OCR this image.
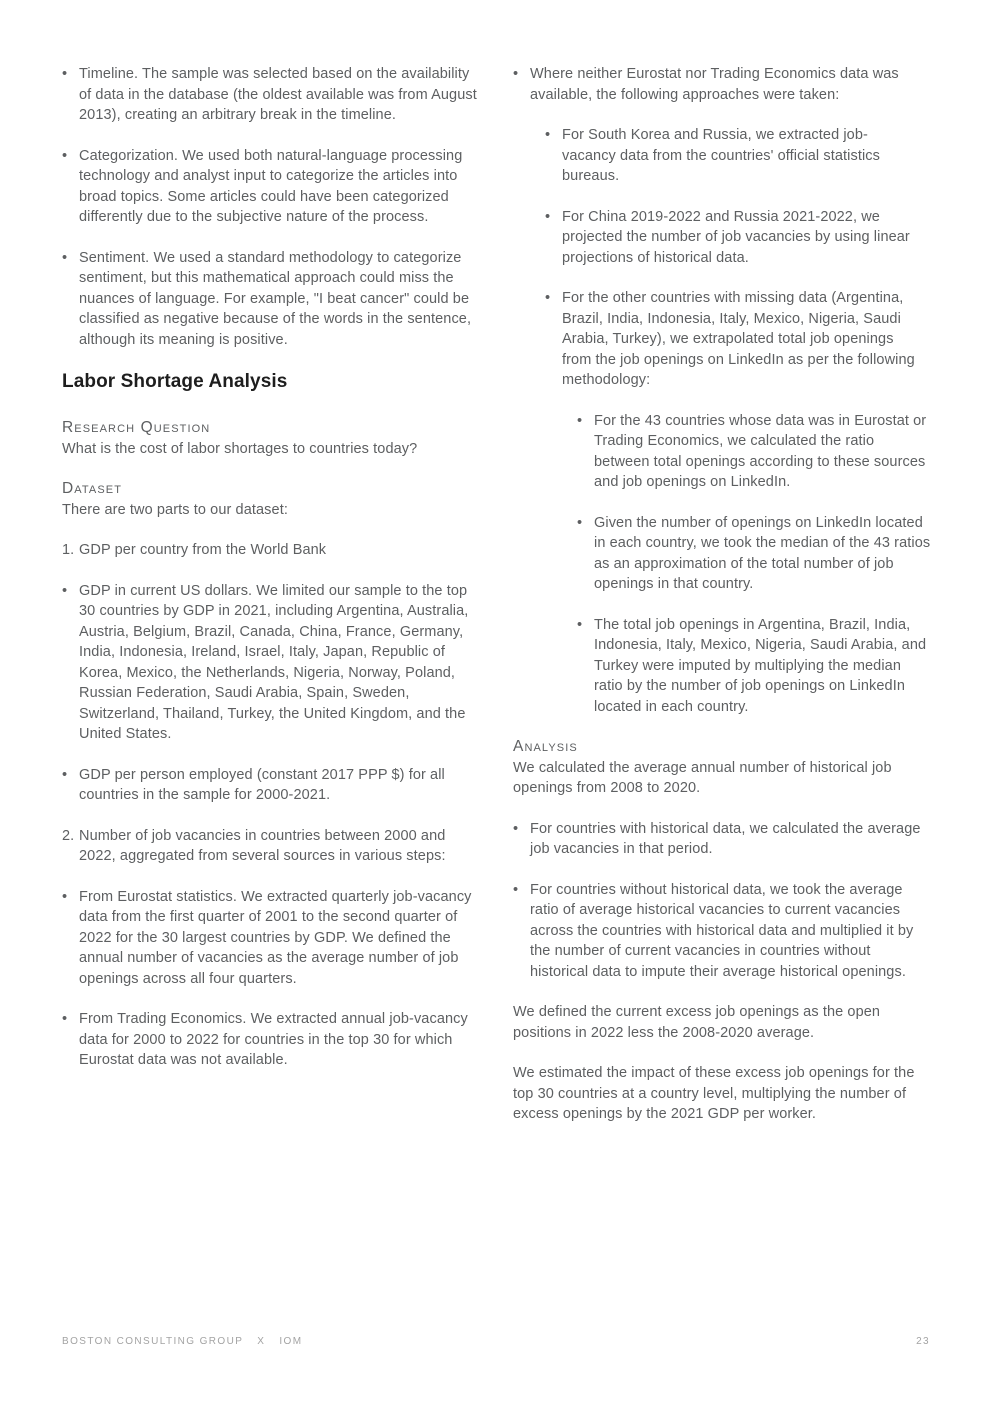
• Timeline. The sample was selected based on the availability of data in the database (the oldest available was from August 2013), creating an arbitrary break in the timeline.
• Categorization. We used both natural-language processing technology and analyst input to categorize the articles into broad topics. Some articles could have been categorized differently due to the subjective nature of the process.
• Sentiment. We used a standard methodology to categorize sentiment, but this mathematical approach could miss the nuances of language. For example, "I beat cancer" could be classified as negative because of the words in the sentence, although its meaning is positive.
Labor Shortage Analysis
Research Question

What is the cost of labor shortages to countries today?

Dataset

There are two parts to our dataset:

1. GDP per country from the World Bank
• GDP in current US dollars. We limited our sample to the top 30 countries by GDP in 2021, including Argentina, Australia, Austria, Belgium, Brazil, Canada, China, France, Germany, India, Indonesia, Ireland, Israel, Italy, Japan, Republic of Korea, Mexico, the Netherlands, Nigeria, Norway, Poland, Russian Federation, Saudi Arabia, Spain, Sweden, Switzerland, Thailand, Turkey, the United Kingdom, and the United States.
• GDP per person employed (constant 2017 PPP $) for all countries in the sample for 2000-2021.
2. Number of job vacancies in countries between 2000 and 2022, aggregated from several sources in various steps:
• From Eurostat statistics. We extracted quarterly job-vacancy data from the first quarter of 2001 to the second quarter of 2022 for the 30 largest countries by GDP. We defined the annual number of vacancies as the average number of job openings across all four quarters.
• From Trading Economics. We extracted annual job-vacancy data for 2000 to 2022 for countries in the top 30 for which Eurostat data was not available.
• Where neither Eurostat nor Trading Economics data was available, the following approaches were taken:
• For South Korea and Russia, we extracted job-vacancy data from the countries' official statistics bureaus.
• For China 2019-2022 and Russia 2021-2022, we projected the number of job vacancies by using linear projections of historical data.
• For the other countries with missing data (Argentina, Brazil, India, Indonesia, Italy, Mexico, Nigeria, Saudi Arabia, Turkey), we extrapolated total job openings from the job openings on LinkedIn as per the following methodology:
• For the 43 countries whose data was in Eurostat or Trading Economics, we calculated the ratio between total openings according to these sources and job openings on LinkedIn.
• Given the number of openings on LinkedIn located in each country, we took the median of the 43 ratios as an approximation of the total number of job openings in that country.
• The total job openings in Argentina, Brazil, India, Indonesia, Italy, Mexico, Nigeria, Saudi Arabia, and Turkey were imputed by multiplying the median ratio by the number of job openings on LinkedIn located in each country.
Analysis

We calculated the average annual number of historical job openings from 2008 to 2020.

• For countries with historical data, we calculated the average job vacancies in that period.
• For countries without historical data, we took the average ratio of average historical vacancies to current vacancies across the countries with historical data and multiplied it by the number of current vacancies in countries without historical data to impute their average historical openings.

We defined the current excess job openings as the open positions in 2022 less the 2008-2020 average.

We estimated the impact of these excess job openings for the top 30 countries at a country level, multiplying the number of excess openings by the 2021 GDP per worker.

BOSTON CONSULTING GROUP X IOM	23
